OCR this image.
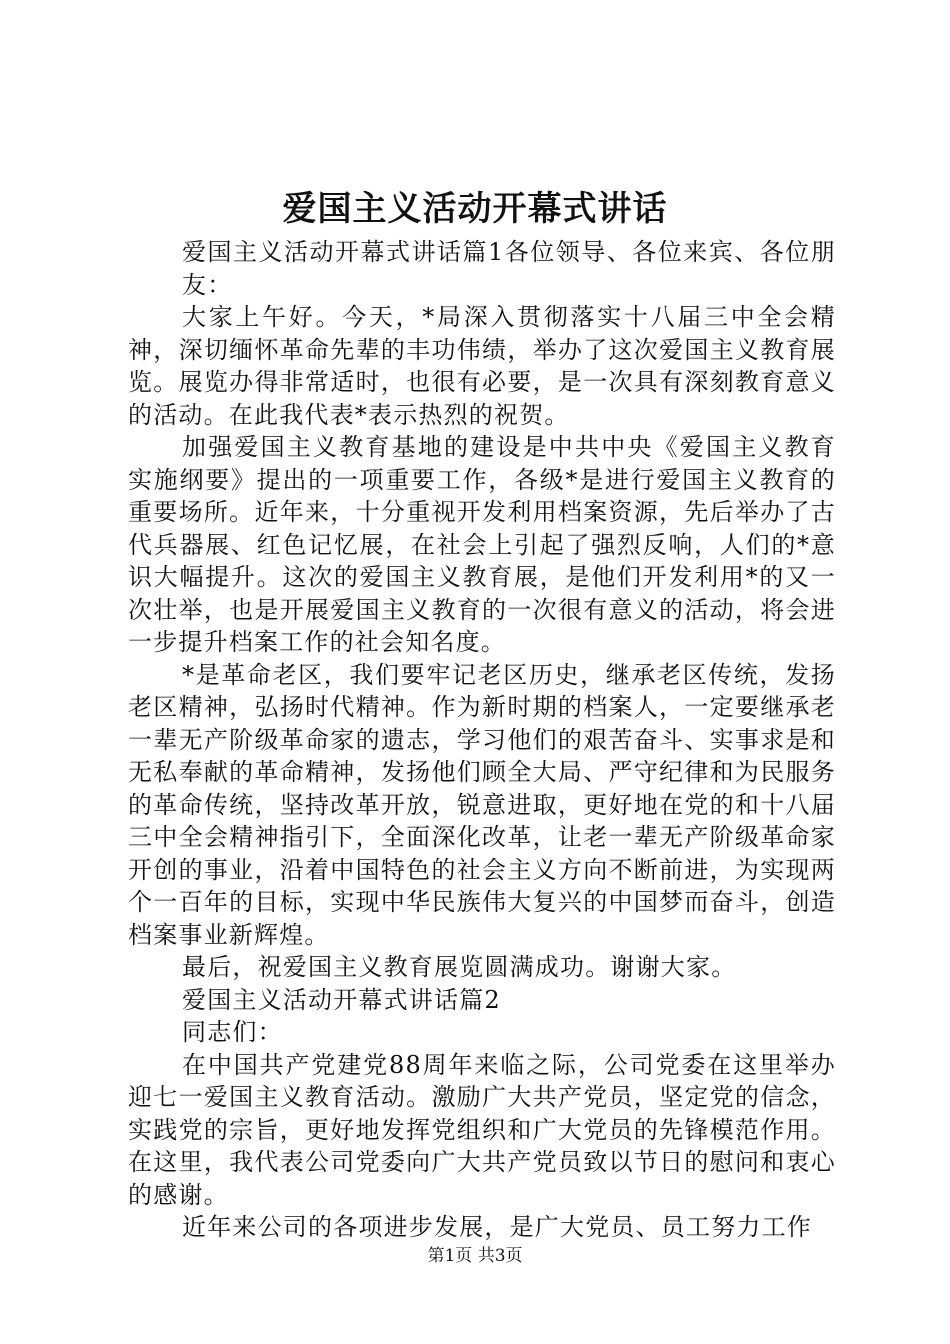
爱国主义活动开幕式讲话

爱国主义活动开幕式讲话篇1各位领导、各位来宾、各位朋友：

大家上午好。今天，*局深入贯彻落实十八届三中全会精神，深切缅怀革命先辈的丰功伟绩，举办了这次爱国主义教育展览。展览办得非常适时，也很有必要，是一次具有深刻教育意义的活动。在此我代表*表示热烈的祝贺。

加强爱国主义教育基地的建设是中共中央《爱国主义教育实施纲要》提出的一项重要工作，各级*是进行爱国主义教育的重要场所。近年来，十分重视开发利用档案资源，先后举办了古代兵器展、红色记忆展，在社会上引起了强烈反响，人们的*意识大幅提升。这次的爱国主义教育展，是他们开发利用*的又一次壮举，也是开展爱国主义教育的一次很有意义的活动，将会进一步提升档案工作的社会知名度。

*是革命老区，我们要牢记老区历史，继承老区传统，发扬老区精神，弘扬时代精神。作为新时期的档案人，一定要继承老一辈无产阶级革命家的遗志，学习他们的艰苦奋斗、实事求是和无私奉献的革命精神，发扬他们顾全大局、严守纪律和为民服务的革命传统，坚持改革开放，锐意进取，更好地在党的和十八届三中全会精神指引下，全面深化改革，让老一辈无产阶级革命家开创的事业，沿着中国特色的社会主义方向不断前进，为实现两个一百年的目标，实现中华民族伟大复兴的中国梦而奋斗，创造档案事业新辉煌。

最后，祝爱国主义教育展览圆满成功。谢谢大家。

爱国主义活动开幕式讲话篇2

同志们：

在中国共产党建党88周年来临之际，公司党委在这里举办迎七一爱国主义教育活动。激励广大共产党员，坚定党的信念，实践党的宗旨，更好地发挥党组织和广大党员的先锋模范作用。在这里，我代表公司党委向广大共产党员致以节日的慰问和衷心的感谢。

近年来公司的各项进步发展，是广大党员、员工努力工作

第1页 共3页
